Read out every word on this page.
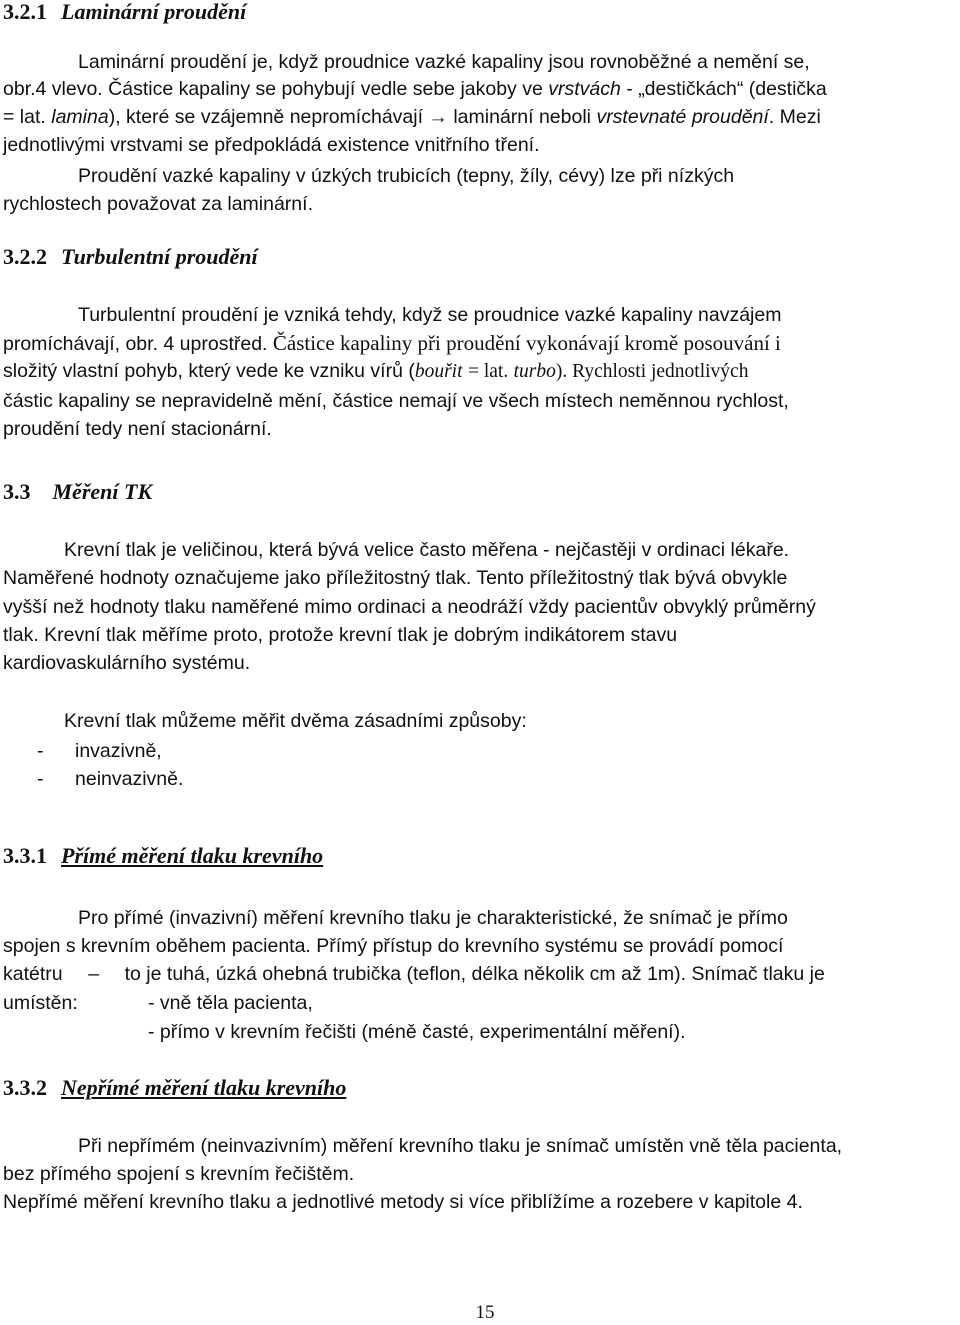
3.2.1 Laminární proudění
Laminární proudění je, když proudnice vazké kapaliny jsou rovnoběžné a nemění se,
obr.4 vlevo. Částice kapaliny se pohybují vedle sebe jakoby ve vrstvách - „destičkách“ (destička
= lat. lamina), které se vzájemně nepromíchávají → laminární neboli vrstevnaté proudění. Mezi
jednotlivými vrstvami se předpokládá existence vnitřního tření.
Proudění vazké kapaliny v úzkých trubicích (tepny, žíly, cévy) lze při nízkých
rychlostech považovat za laminární.
3.2.2 Turbulentní proudění
Turbulentní proudění je vzniká tehdy, když se proudnice vazké kapaliny navzájem
promíchávají, obr. 4 uprostřed. Částice kapaliny při proudění vykonávají kromě posouvání i
složitý vlastní pohyb, který vede ke vzniku vírů (bouřit = lat. turbo). Rychlosti jednotlivých
částic kapaliny se nepravidelně mění, částice nemají ve všech místech neměnnou rychlost,
proudění tedy není stacionární.
3.3 Měření TK
Krevní tlak je veličinou, která bývá velice často měřena - nejčastěji v ordinaci lékaře.
Naměřené hodnoty označujeme jako příležitostný tlak. Tento příležitostný tlak bývá obvykle
vyšší než hodnoty tlaku naměřené mimo ordinaci a neodráží vždy pacientův obvyklý průměrný
tlak. Krevní tlak měříme proto, protože krevní tlak je dobrým indikátorem stavu
kardiovaskulárního systému.
Krevní tlak můžeme měřit dvěma zásadními způsoby:
- invazivně,
- neinvazivně.
3.3.1 Přímé měření tlaku krevního
Pro přímé (invazivní) měření krevního tlaku je charakteristické, že snímač je přímo
spojen s krevním oběhem pacienta. Přímý přístup do krevního systému se provádí pomocí
katétru – to je tuhá, úzká ohebná trubička (teflon, délka několik cm až 1m). Snímač tlaku je
umístěn:	- vně těla pacienta,
- přímo v krevním řečišti (méně časté, experimentální měření).
3.3.2 Nepřímé měření tlaku krevního
Při nepřímém (neinvazivním) měření krevního tlaku je snímač umístěn vně těla pacienta,
bez přímého spojení s krevním řečištěm.
Nepřímé měření krevního tlaku a jednotlivé metody si více přiblížíme a rozebere v kapitole 4.
15
